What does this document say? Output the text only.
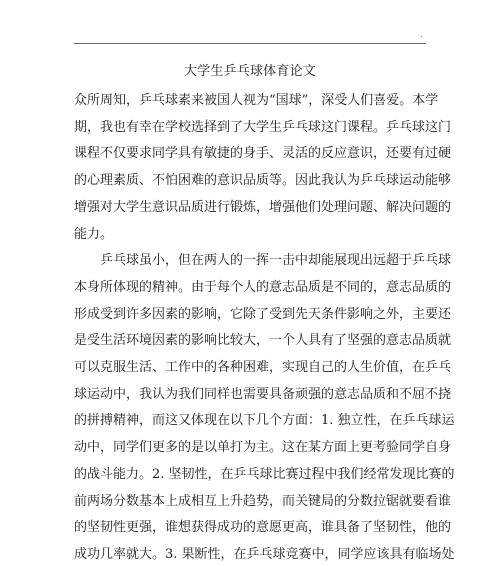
.
大学生乒乓球体育论文

众所周知，乒乓球素来被国人视为“国球”，深受人们喜爱。本学
期，我也有幸在学校选择到了大学生乒乓球这门课程。乒乓球这门
课程不仅要求同学具有敏捷的身手、灵活的反应意识，还要有过硬
的心理素质、不怕困难的意识品质等。因此我认为乒乓球运动能够
增强对大学生意识品质进行锻炼，增强他们处理问题、解决问题的
能力。

　　乒乓球虽小，但在两人的一挥一击中却能展现出远超于乒乓球
本身所体现的精神。由于每个人的意志品质是不同的，意志品质的
形成受到许多因素的影响，它除了受到先天条件影响之外，主要还
是受生活环境因素的影响比较大，一个人具有了坚强的意志品质就
可以克服生活、工作中的各种困难，实现自己的人生价值，在乒乓
球运动中，我认为我们同样也需要具备顽强的意志品质和不屈不挠
的拼搏精神，而这又体现在以下几个方面：1. 独立性，在乒乓球运
动中，同学们更多的是以单打为主。这在某方面上更考验同学自身
的战斗能力。2. 坚韧性，在乒乓球比赛过程中我们经常发现比赛的
前两场分数基本上成相互上升趋势，而关键局的分数拉锯就要看谁
的坚韧性更强，谁想获得成功的意愿更高，谁具备了坚韧性，他的
成功几率就大。3. 果断性，在乒乓球竞赛中，同学应该具有临场处
